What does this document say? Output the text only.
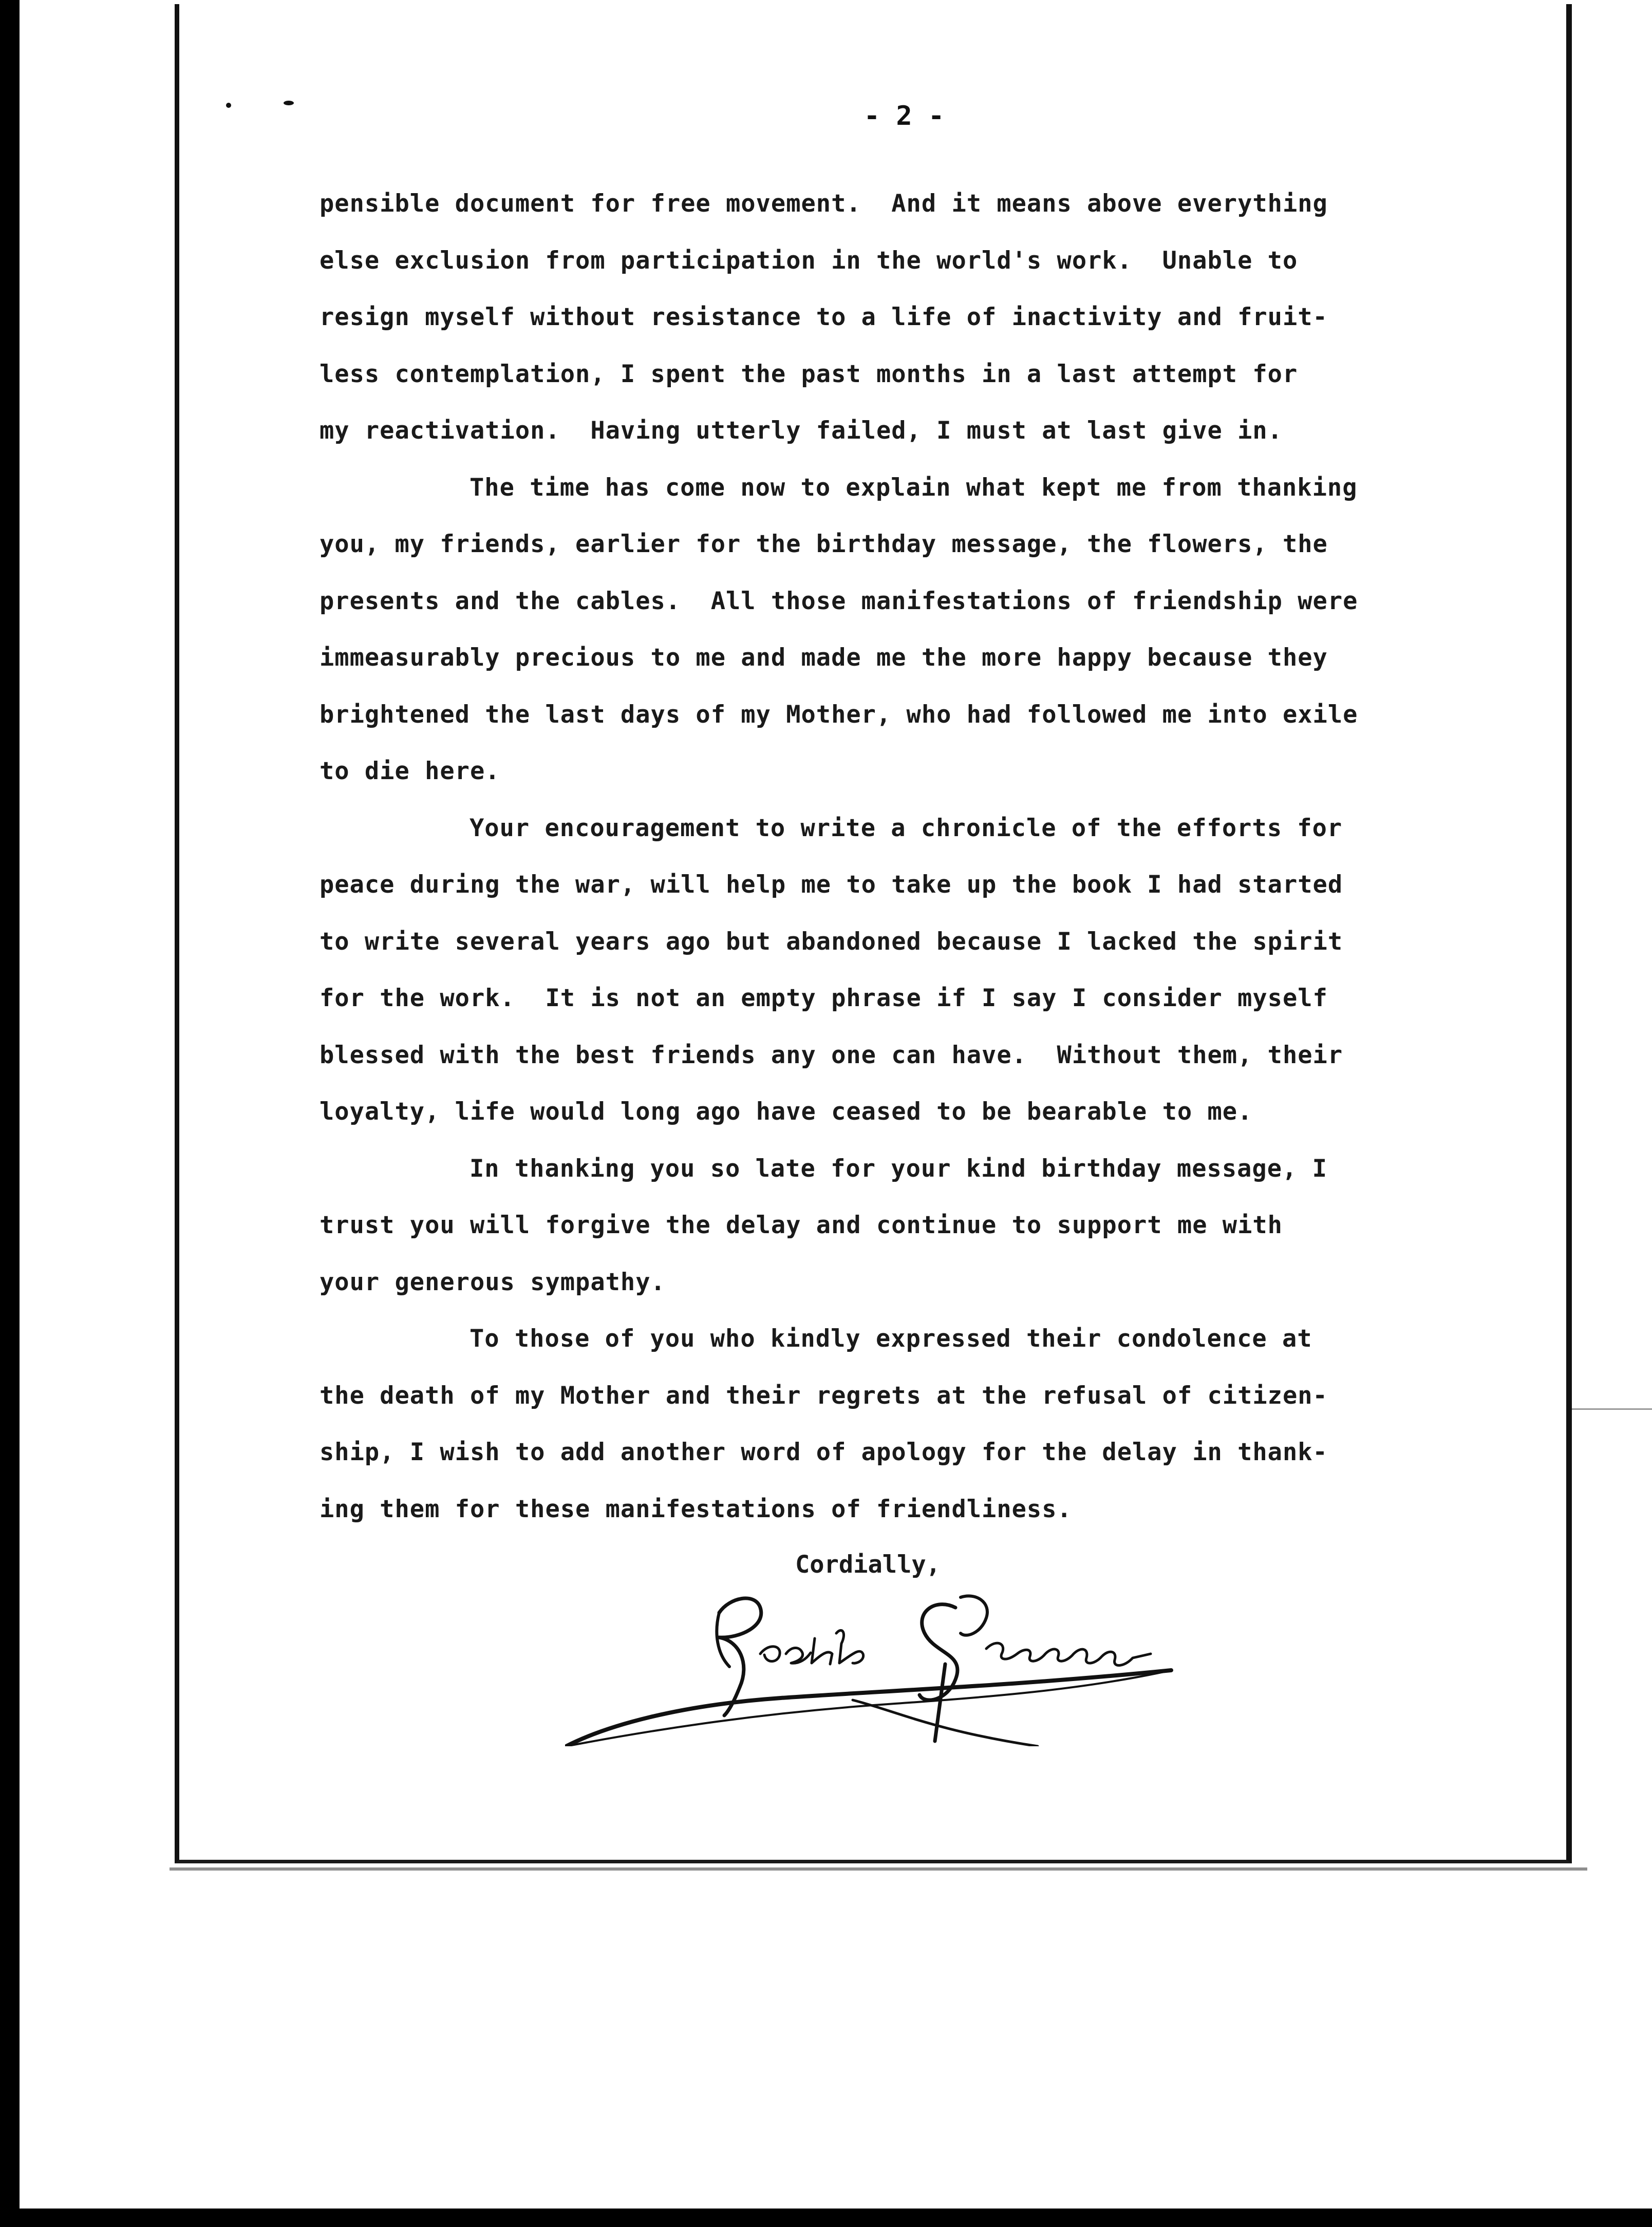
- 2 -
pensible document for free movement.  And it means above everything
else exclusion from participation in the world's work.  Unable to
resign myself without resistance to a life of inactivity and fruit-
less contemplation, I spent the past months in a last attempt for
my reactivation.  Having utterly failed, I must at last give in.
The time has come now to explain what kept me from thanking
you, my friends, earlier for the birthday message, the flowers, the
presents and the cables.  All those manifestations of friendship were
immeasurably precious to me and made me the more happy because they
brightened the last days of my Mother, who had followed me into exile
to die here.
Your encouragement to write a chronicle of the efforts for
peace during the war, will help me to take up the book I had started
to write several years ago but abandoned because I lacked the spirit
for the work.  It is not an empty phrase if I say I consider myself
blessed with the best friends any one can have.  Without them, their
loyalty, life would long ago have ceased to be bearable to me.
In thanking you so late for your kind birthday message, I
trust you will forgive the delay and continue to support me with
your generous sympathy.
To those of you who kindly expressed their condolence at
the death of my Mother and their regrets at the refusal of citizen-
ship, I wish to add another word of apology for the delay in thank-
ing them for these manifestations of friendliness.
Cordially,
